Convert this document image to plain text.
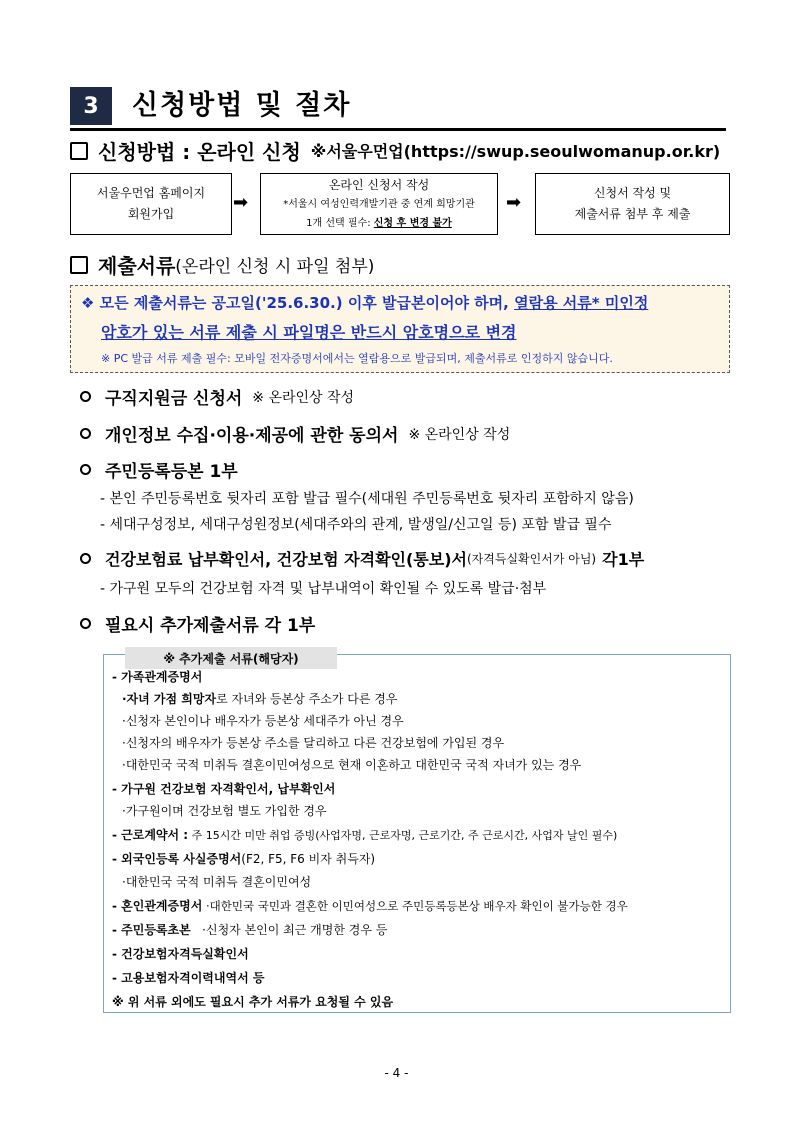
3	신청방법 및 절차
신청방법 : 온라인 신청 ※서울우먼업(https://swup.seoulwomanup.or.kr)
서울우먼업 홈페이지
회원가입
➡
온라인 신청서 작성
*서울시 여성인력개발기관 중 연계 희망기관
1개 선택 필수: 신청 후 변경 불가
➡	신청서 작성 및
제출서류 첨부 후 제출
제출서류 (온라인 신청 시 파일 첨부)
❖ 모든 제출서류는 공고일('25.6.30.) 이후 발급본이어야 하며, 열람용 서류* 미인정
암호가 있는 서류 제출 시 파일명은 반드시 암호명으로 변경
※ PC 발급 서류 제출 필수: 모바일 전자증명서에서는 열람용으로 발급되며, 제출서류로 인정하지 않습니다.
구직지원금 신청서 ※ 온라인상 작성
개인정보 수집·이용·제공에 관한 동의서 ※ 온라인상 작성
주민등록등본 1부
- 본인 주민등록번호 뒷자리 포함 발급 필수(세대원 주민등록번호 뒷자리 포함하지 않음)
- 세대구성정보, 세대구성원정보(세대주와의 관계, 발생일/신고일 등) 포함 발급 필수
건강보험료 납부확인서, 건강보험 자격확인(통보)서 (자격득실확인서가 아님) 각1부
- 가구원 모두의 건강보험 자격 및 납부내역이 확인될 수 있도록 발급·첨부
필요시 추가제출서류 각 1부
※ 추가제출 서류(해당자)
- 가족관계증명서
·자녀 가점 희망자로 자녀와 등본상 주소가 다른 경우
·신청자 본인이나 배우자가 등본상 세대주가 아닌 경우
·신청자의 배우자가 등본상 주소를 달리하고 다른 건강보험에 가입된 경우
·대한민국 국적 미취득 결혼이민여성으로 현재 이혼하고 대한민국 국적 자녀가 있는 경우
- 가구원 건강보험 자격확인서, 납부확인서
·가구원이며 건강보험 별도 가입한 경우
- 근로계약서 : 주 15시간 미만 취업 증빙(사업자명, 근로자명, 근로기간, 주 근로시간, 사업자 날인 필수)
- 외국인등록 사실증명서(F2, F5, F6 비자 취득자)
·대한민국 국적 미취득 결혼이민여성
- 혼인관계증명서 ·대한민국 국민과 결혼한 이민여성으로 주민등록등본상 배우자 확인이 불가능한 경우
- 주민등록초본   ·신청자 본인이 최근 개명한 경우 등
- 건강보험자격득실확인서
- 고용보험자격이력내역서 등
※ 위 서류 외에도 필요시 추가 서류가 요청될 수 있음
- 4 -
